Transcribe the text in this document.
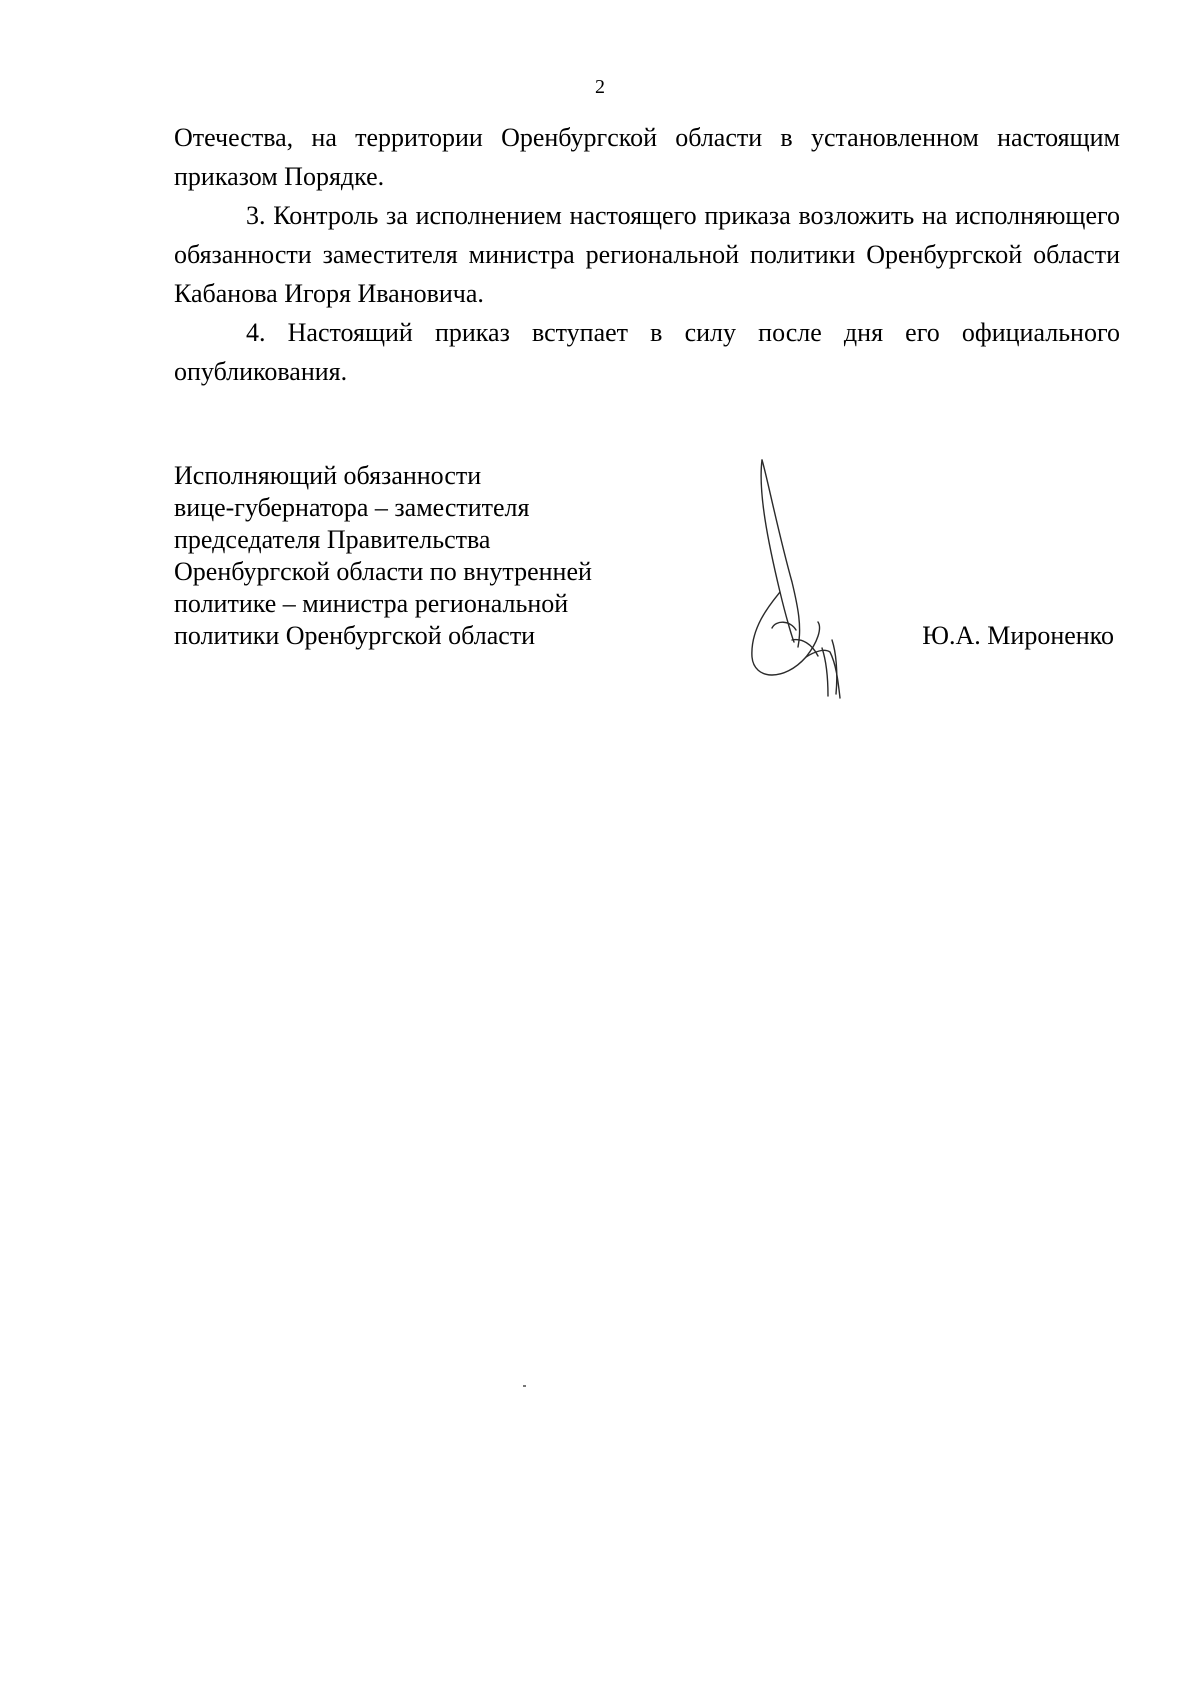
2

Отечества, на территории Оренбургской области в установленном настоящим приказом Порядке.

3. Контроль за исполнением настоящего приказа возложить на исполняющего обязанности заместителя министра региональной политики Оренбургской области Кабанова Игоря Ивановича.

4. Настоящий приказ вступает в силу после дня его официального опубликования.

Исполняющий обязанности
вице-губернатора – заместителя
председателя Правительства
Оренбургской области по внутренней
политике – министра региональной
политики Оренбургской области	Ю.А. Мироненко
